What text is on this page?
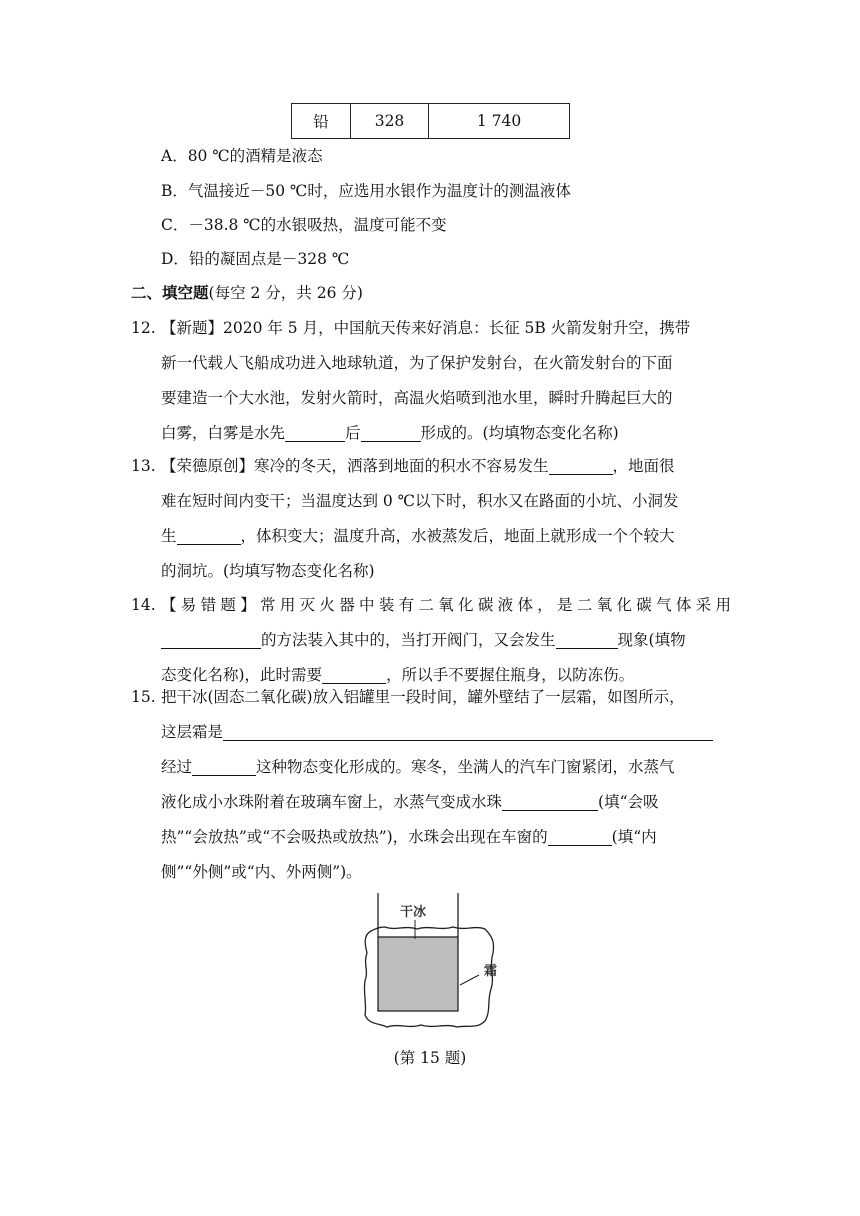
铅	328	1 740
A．80 ℃的酒精是液态
B．气温接近－50 ℃时，应选用水银作为温度计的测温液体
C．－38.8 ℃的水银吸热，温度可能不变
D．铅的凝固点是－328 ℃
二、填空题(每空 2 分，共 26 分)
12. 【新题】2020 年 5 月，中国航天传来好消息：长征 5B 火箭发射升空，携带
新一代载人飞船成功进入地球轨道，为了保护发射台，在火箭发射台的下面
要建造一个大水池，发射火箭时，高温火焰喷到池水里，瞬时升腾起巨大的
白雾，白雾是水先	后	形成的。(均填物态变化名称)
13. 【荣德原创】寒冷的冬天，洒落到地面的积水不容易发生	，地面很
难在短时间内变干；当温度达到 0 ℃以下时，积水又在路面的小坑、小洞发
生	，体积变大；温度升高，水被蒸发后，地面上就形成一个个较大
的洞坑。(均填写物态变化名称)
14. 【易错题】常用灭火器中装有二氧化碳液体，是二氧化碳气体采用
的方法装入其中的，当打开阀门，又会发生	现象(填物
态变化名称)，此时需要	，所以手不要握住瓶身，以防冻伤。
15. 把干冰(固态二氧化碳)放入铝罐里一段时间，罐外壁结了一层霜，如图所示，
这层霜是
经过	这种物态变化形成的。寒冬，坐满人的汽车门窗紧闭，水蒸气
液化成小水珠附着在玻璃车窗上，水蒸气变成水珠	(填“会吸
热”“会放热”或“不会吸热或放热”)，水珠会出现在车窗的	(填“内
侧”“外侧”或“内、外两侧”)。
干冰
霜
(第 15 题)
